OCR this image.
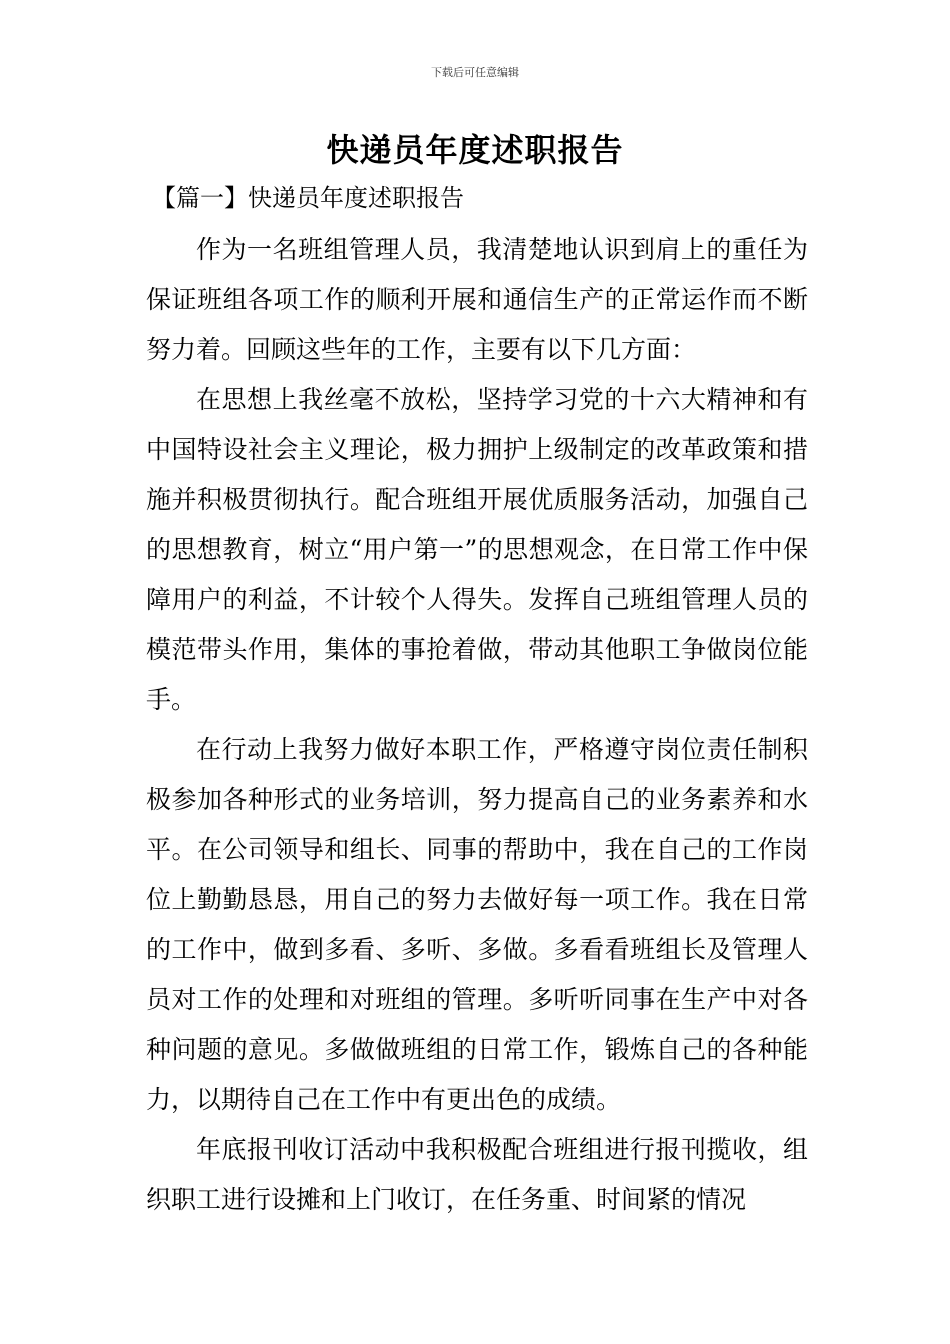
下载后可任意编辑
快递员年度述职报告
【篇一】快递员年度述职报告

作为一名班组管理人员，我清楚地认识到肩上的重任为保证班组各项工作的顺利开展和通信生产的正常运作而不断努力着。回顾这些年的工作，主要有以下几方面：

在思想上我丝毫不放松，坚持学习党的十六大精神和有中国特设社会主义理论，极力拥护上级制定的改革政策和措施并积极贯彻执行。配合班组开展优质服务活动，加强自己的思想教育，树立“用户第一”的思想观念，在日常工作中保障用户的利益，不计较个人得失。发挥自己班组管理人员的模范带头作用，集体的事抢着做，带动其他职工争做岗位能手。

在行动上我努力做好本职工作，严格遵守岗位责任制积极参加各种形式的业务培训，努力提高自己的业务素养和水平。在公司领导和组长、同事的帮助中，我在自己的工作岗位上勤勤恳恳，用自己的努力去做好每一项工作。我在日常的工作中，做到多看、多听、多做。多看看班组长及管理人员对工作的处理和对班组的管理。多听听同事在生产中对各种问题的意见。多做做班组的日常工作，锻炼自己的各种能力，以期待自己在工作中有更出色的成绩。

年底报刊收订活动中我积极配合班组进行报刊揽收，组织职工进行设摊和上门收订，在任务重、时间紧的情况
